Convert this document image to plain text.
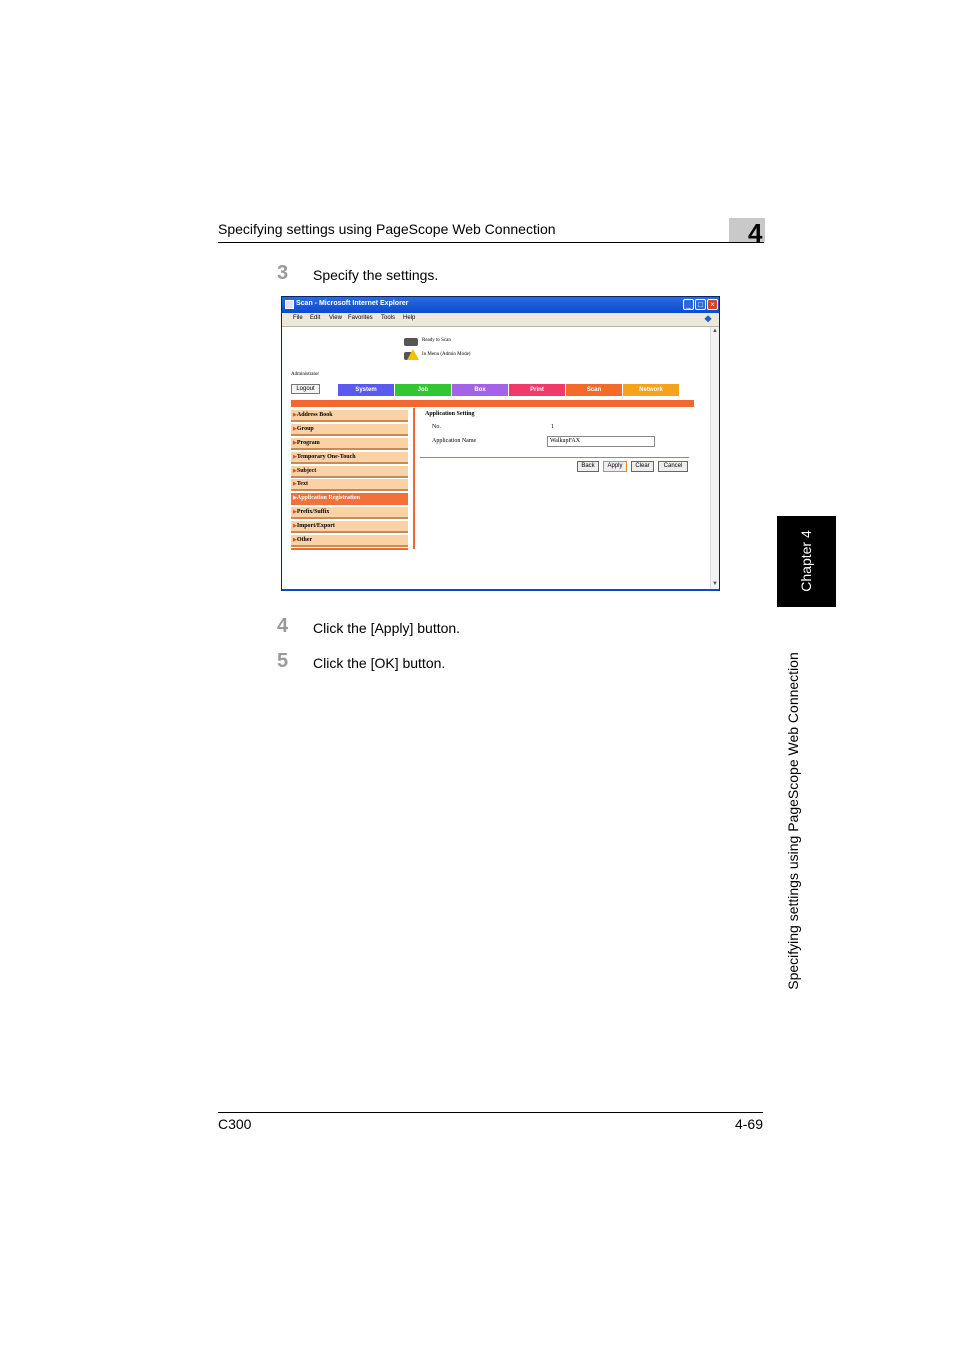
Specifying settings using PageScope Web Connection	4
3 Specify the settings.
Scan - Microsoft Internet Explorer	_ □ ×
File Edit View Favorites Tools Help	❖
Ready to Scan
In Menu (Admin Mode)
Administrator
Logout	System	Job	Box	Print	Scan	Network
▶Address Book
▶Group
▶Program
▶Temporary One-Touch
▶Subject
▶Text
▶Application Registration
▶Prefix/Suffix
▶Import/Export
▶Other
Application Setting
No.	1
Application Name	WalkupFAX
Back	Apply	Clear	Cancel
▲
▼
4 Click the [Apply] button.
5 Click the [OK] button.
Chapter 4
Specifying settings using PageScope Web Connection
C300	4-69
